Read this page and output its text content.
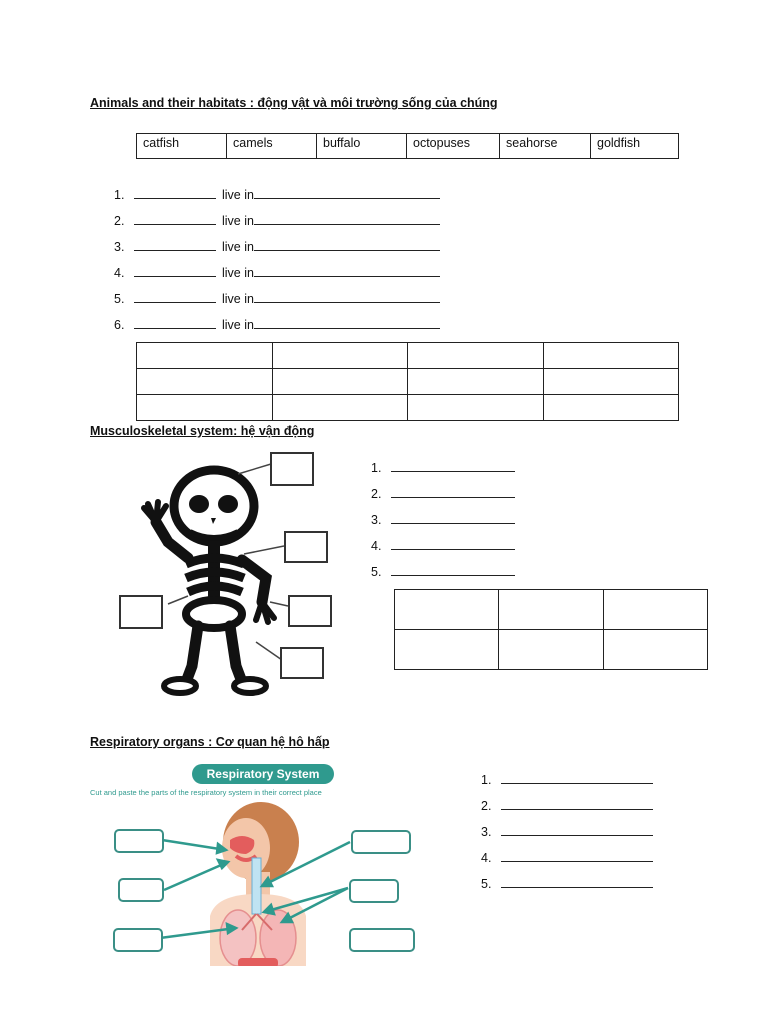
Animals and their habitats : động vật và môi trường sống của chúng
catfish	camels	buffalo	octopuses	seahorse	goldfish
1.	live in
2.	live in
3.	live in
4.	live in
5.	live in
6.	live in

Musculoskeletal system: hệ vận động
1.
2.
3.
4.
5.

Respiratory organs : Cơ quan hệ hô hấp
Respiratory System
Cut and paste the parts of the respiratory system in their correct place
1.
2.
3.
4.
5.
